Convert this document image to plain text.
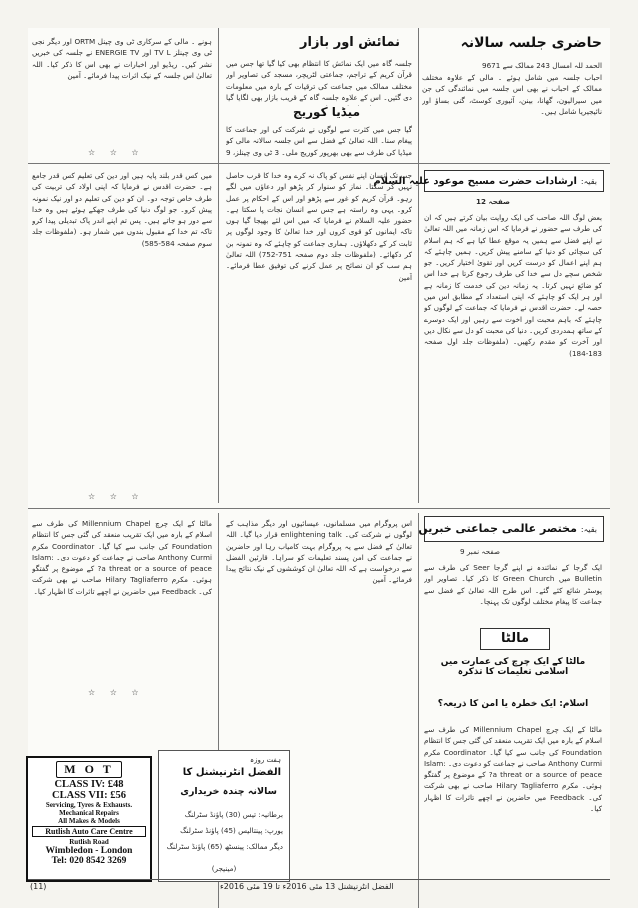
حاضری جلسہ سالانہ
الحمد للہ امسال 243 ممالک سے 9671
احباب جلسہ میں شامل ہوئے ۔ مالی کے علاوہ مختلف ممالک کے احباب نے بھی اس جلسہ میں نمائندگی کی جن میں سیرالیون، گھانا، بینن، آئیوری کوسٹ، گنی بساؤ اور نائیجیریا شامل ہیں۔
نمائش اور بازار
جلسہ گاہ میں ایک نمائش کا انتظام بھی کیا گیا تھا جس میں قرآن کریم کے تراجم، جماعتی لٹریچر، مسجد کی تصاویر اور مختلف ممالک میں جماعت کی ترقیات کے بارہ میں معلومات دی گئیں۔ اس کے علاوہ جلسہ گاہ کے قریب بازار بھی لگایا گیا
میڈیا کوریج
گیا جس میں کثرت سے لوگوں نے شرکت کی اور جماعت کا پیغام سنا۔ اللہ تعالیٰ کے فضل سے اس جلسہ سالانہ مالی کو میڈیا کی طرف سے بھی بھرپور کوریج ملی۔ 3 ٹی وی چینلز، 9
ہونے ۔ مالی کے سرکاری ٹی وی چینل ORTM اور دیگر نجی ٹی وی چینلز TV L اور ENERGIE TV نے جلسہ کی خبریں نشر کیں۔ ریڈیو اور اخبارات نے بھی اس کا ذکر کیا۔ اللہ تعالیٰ اس جلسہ کے نیک اثرات پیدا فرمائے۔ آمین
☆ ☆ ☆
ارشادات حضرت مسیح موعود علیہ السلام بقیہ:
صفحہ 12
بعض لوگ اللہ صاحب کی ایک روایت بیان کرتے ہیں کہ ان کی طرف سے حضور نے فرمایا کہ اس زمانہ میں اللہ تعالیٰ نے اپنے فضل سے ہمیں یہ موقع عطا کیا ہے کہ ہم اسلام کی سچائی کو دنیا کے سامنے پیش کریں۔ ہمیں چاہئے کہ ہم اپنے اعمال کو درست کریں اور تقویٰ اختیار کریں۔ جو شخص سچے دل سے خدا کی طرف رجوع کرتا ہے خدا اس کو ضائع نہیں کرتا۔ یہ زمانہ دین کی خدمت کا زمانہ ہے اور ہر ایک کو چاہئے کہ اپنی استعداد کے مطابق اس میں حصہ لے۔ حضرت اقدس نے فرمایا کہ جماعت کے لوگوں کو چاہئے کہ باہم محبت اور اخوت سے رہیں اور ایک دوسرے کے ساتھ ہمدردی کریں۔ دنیا کی محبت کو دل سے نکال دیں اور آخرت کو مقدم رکھیں۔ (ملفوظات جلد اول صفحہ 183-184)
جب تک انسان اپنے نفس کو پاک نہ کرے وہ خدا کا قرب حاصل نہیں کر سکتا۔ نماز کو سنوار کر پڑھو اور دعاؤں میں لگے رہو۔ قرآن کریم کو غور سے پڑھو اور اس کے احکام پر عمل کرو۔ یہی وہ راستہ ہے جس سے انسان نجات پا سکتا ہے۔ حضور علیہ السلام نے فرمایا کہ میں اس لئے بھیجا گیا ہوں تاکہ ایمانوں کو قوی کروں اور خدا تعالیٰ کا وجود لوگوں پر ثابت کر کے دکھلاؤں۔ ہماری جماعت کو چاہئے کہ وہ نمونہ بن کر دکھائے۔ (ملفوظات جلد دوم صفحہ 751-752) اللہ تعالیٰ ہم سب کو ان نصائح پر عمل کرنے کی توفیق عطا فرمائے۔ آمین
میں کس قدر بلند پایہ ہیں اور دین کی تعلیم کس قدر جامع ہے۔ حضرت اقدس نے فرمایا کہ اپنی اولاد کی تربیت کی طرف خاص توجہ دو۔ ان کو دین کی تعلیم دو اور نیک نمونہ پیش کرو۔ جو لوگ دنیا کی طرف جھکے ہوئے ہیں وہ خدا سے دور ہو جاتے ہیں۔ پس تم اپنے اندر پاک تبدیلی پیدا کرو تاکہ تم خدا کے مقبول بندوں میں شمار ہو۔ (ملفوظات جلد سوم صفحہ 584-585)
☆ ☆ ☆
مختصر عالمی جماعتی خبریں بقیہ:
صفحہ نمبر 9
ایک گرجا کے نمائندہ نے اپنے گرجا Seer کی طرف سے Bulletin میں Green Church کا ذکر کیا۔ تصاویر اور پوسٹر شائع کئے گئے۔ اس طرح اللہ تعالیٰ کے فضل سے جماعت کا پیغام مختلف لوگوں تک پہنچا۔
مالٹا
مالٹا کے ایک چرچ کی عمارت میں اسلامی تعلیمات کا تذکرہ
اسلام: ایک خطرہ یا امن کا ذریعہ؟
مالٹا کے ایک چرچ Millennium Chapel کی طرف سے اسلام کے بارہ میں ایک تقریب منعقد کی گئی جس کا انتظام Foundation کی جانب سے کیا گیا۔ Coordinator مکرم Anthony Curmi صاحب نے جماعت کو دعوت دی۔ Islam: a threat or a source of peace? کے موضوع پر گفتگو ہوئی۔ مکرم Hilary Tagliaferro صاحب نے بھی شرکت کی۔ Feedback میں حاضرین نے اچھے تاثرات کا اظہار کیا۔
اس پروگرام میں مسلمانوں، عیسائیوں اور دیگر مذاہب کے لوگوں نے شرکت کی۔ enlightening talk قرار دیا گیا۔ اللہ تعالیٰ کے فضل سے یہ پروگرام بہت کامیاب رہا اور حاضرین نے جماعت کی امن پسند تعلیمات کو سراہا۔ قارئین الفضل سے درخواست ہے کہ اللہ تعالیٰ ان کوششوں کے نیک نتائج پیدا فرمائے۔ آمین
مالٹا کے ایک چرچ Millennium Chapel کی طرف سے اسلام کے بارہ میں ایک تقریب منعقد کی گئی جس کا انتظام Foundation کی جانب سے کیا گیا۔ Coordinator مکرم Anthony Curmi صاحب نے جماعت کو دعوت دی۔ Islam: a threat or a source of peace? کے موضوع پر گفتگو ہوئی۔ مکرم Hilary Tagliaferro صاحب نے بھی شرکت کی۔ Feedback میں حاضرین نے اچھے تاثرات کا اظہار کیا۔
☆ ☆ ☆
M O T
CLASS IV: £48
CLASS VII: £56
Servicing, Tyres & Exhausts.
Mechanical Repairs
All Makes & Models
Rutlish Auto Care Centre
Rutlish Road
Wimbledon - London
Tel: 020 8542 3269
ہفت روزہ
الفضل انٹرنیشنل کا
سالانہ چندہ خریداری
برطانیہ: تیس (30) پاؤنڈ سٹرلنگ
یورپ: پینتالیس (45) پاؤنڈ سٹرلنگ
دیگر ممالک: پینسٹھ (65) پاؤنڈ سٹرلنگ
(مینیجر)
(11)	الفضل انٹرنیشنل 13 مئی 2016ء تا 19 مئی 2016ء
